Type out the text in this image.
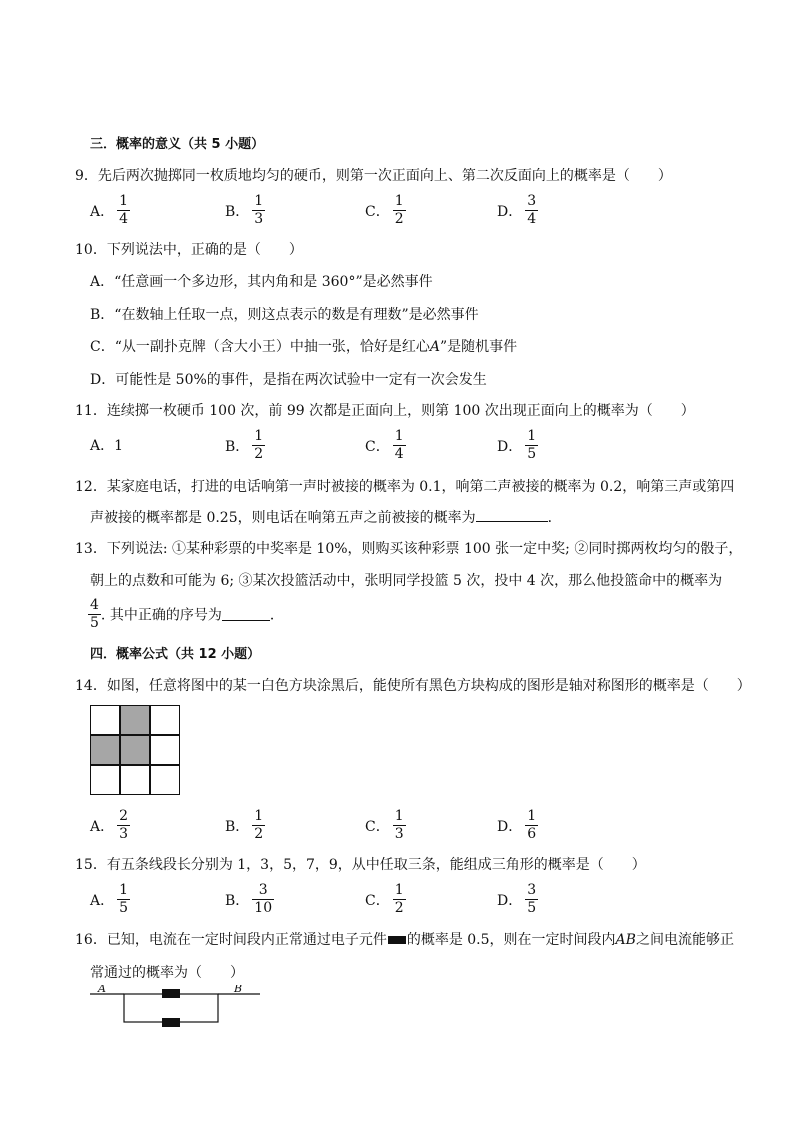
三．概率的意义（共 5 小题）
9．先后两次抛掷同一枚质地均匀的硬币，则第一次正面向上、第二次反面向上的概率是（　　）
A． $\frac{1}{4}$	B． $\frac{1}{3}$	C． $\frac{1}{2}$	D． $\frac{3}{4}$
10．下列说法中，正确的是（　　）
A．“任意画一个多边形，其内角和是 360°”是必然事件
B．“在数轴上任取一点，则这点表示的数是有理数”是必然事件
C．“从一副扑克牌（含大小王）中抽一张，恰好是红心A”是随机事件
D．可能性是 50%的事件，是指在两次试验中一定有一次会发生
11．连续掷一枚硬币 100 次，前 99 次都是正面向上，则第 100 次出现正面向上的概率为（　　）
A．1	B． $\frac{1}{2}$	C． $\frac{1}{4}$	D． $\frac{1}{5}$
12．某家庭电话，打进的电话响第一声时被接的概率为 0.1，响第二声被接的概率为 0.2，响第三声或第四
声被接的概率都是 0.25，则电话在响第五声之前被接的概率为	．
13．下列说法: ①某种彩票的中奖率是 10%，则购买该种彩票 100 张一定中奖; ②同时掷两枚均匀的骰子，
朝上的点数和可能为 6; ③某次投篮活动中，张明同学投篮 5 次，投中 4 次，那么他投篮命中的概率为
$\frac{4}{5}$ . 其中正确的序号为	．
四．概率公式（共 12 小题）
14．如图，任意将图中的某一白色方块涂黑后，能使所有黑色方块构成的图形是轴对称图形的概率是（　　）
A． $\frac{2}{3}$	B． $\frac{1}{2}$	C． $\frac{1}{3}$	D． $\frac{1}{6}$
15．有五条线段长分别为 1，3，5，7，9，从中任取三条，能组成三角形的概率是（　　）
A． $\frac{1}{5}$	B． $\frac{3}{10}$	C． $\frac{1}{2}$	D． $\frac{3}{5}$
16．已知，电流在一定时间段内正常通过电子元件 的概率是 0.5，则在一定时间段内AB之间电流能够正
常通过的概率为（　　）
A	B
